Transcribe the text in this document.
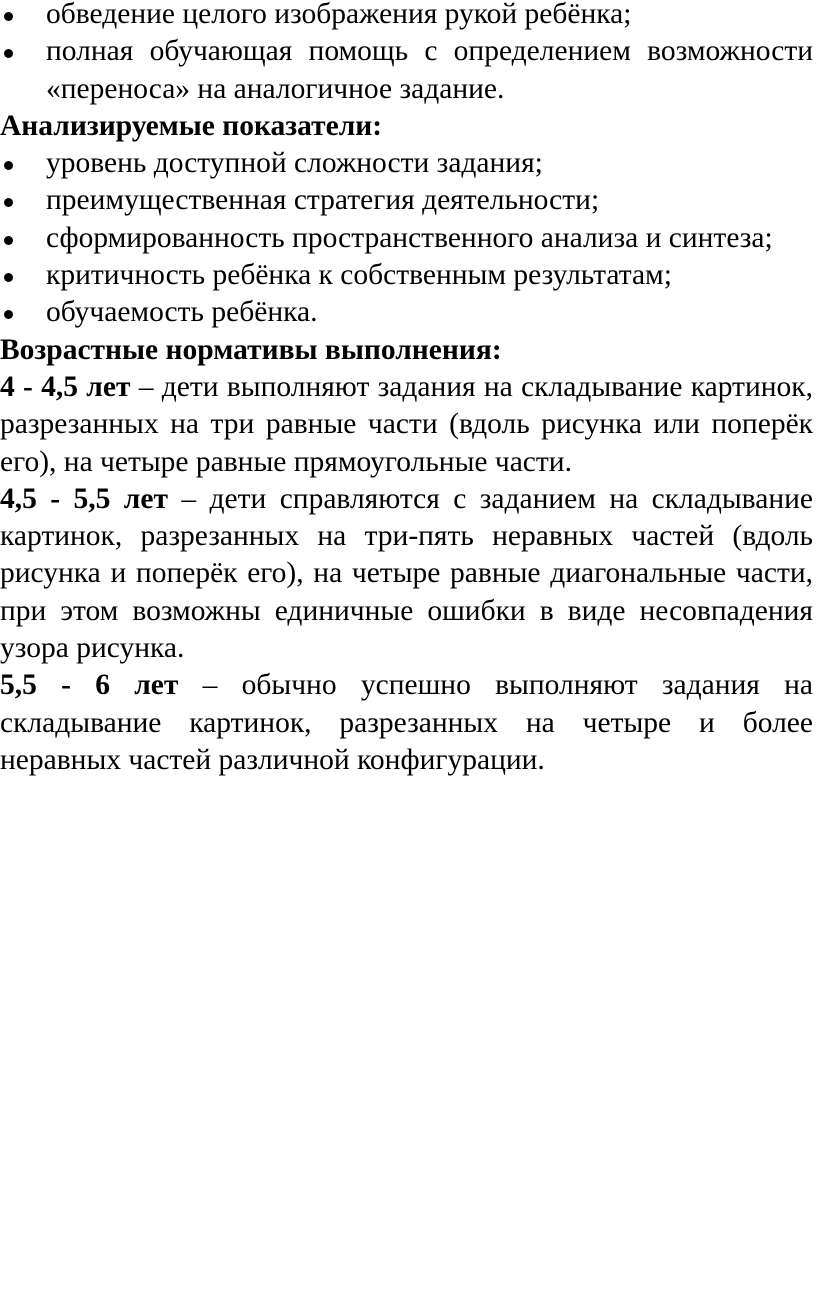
обведение целого изображения рукой ребёнка;
полная обучающая помощь с определением возможности «переноса» на аналогичное задание.

Анализируемые показатели:

уровень доступной сложности задания;
преимущественная стратегия деятельности;
сформированность пространственного анализа и синтеза;
критичность ребёнка к собственным результатам;
обучаемость ребёнка.

Возрастные нормативы выполнения:

4 - 4,5 лет – дети выполняют задания на складывание картинок, разрезанных на три равные части (вдоль рисунка или поперёк его), на четыре равные прямоугольные части.

4,5 - 5,5 лет – дети справляются с заданием на складывание картинок, разрезанных на три-пять неравных частей (вдоль рисунка и поперёк его), на четыре равные диагональные части, при этом возможны единичные ошибки в виде несовпадения узора рисунка.

5,5 - 6 лет – обычно успешно выполняют задания на складывание картинок, разрезанных на четыре и более неравных частей различной конфигурации.
